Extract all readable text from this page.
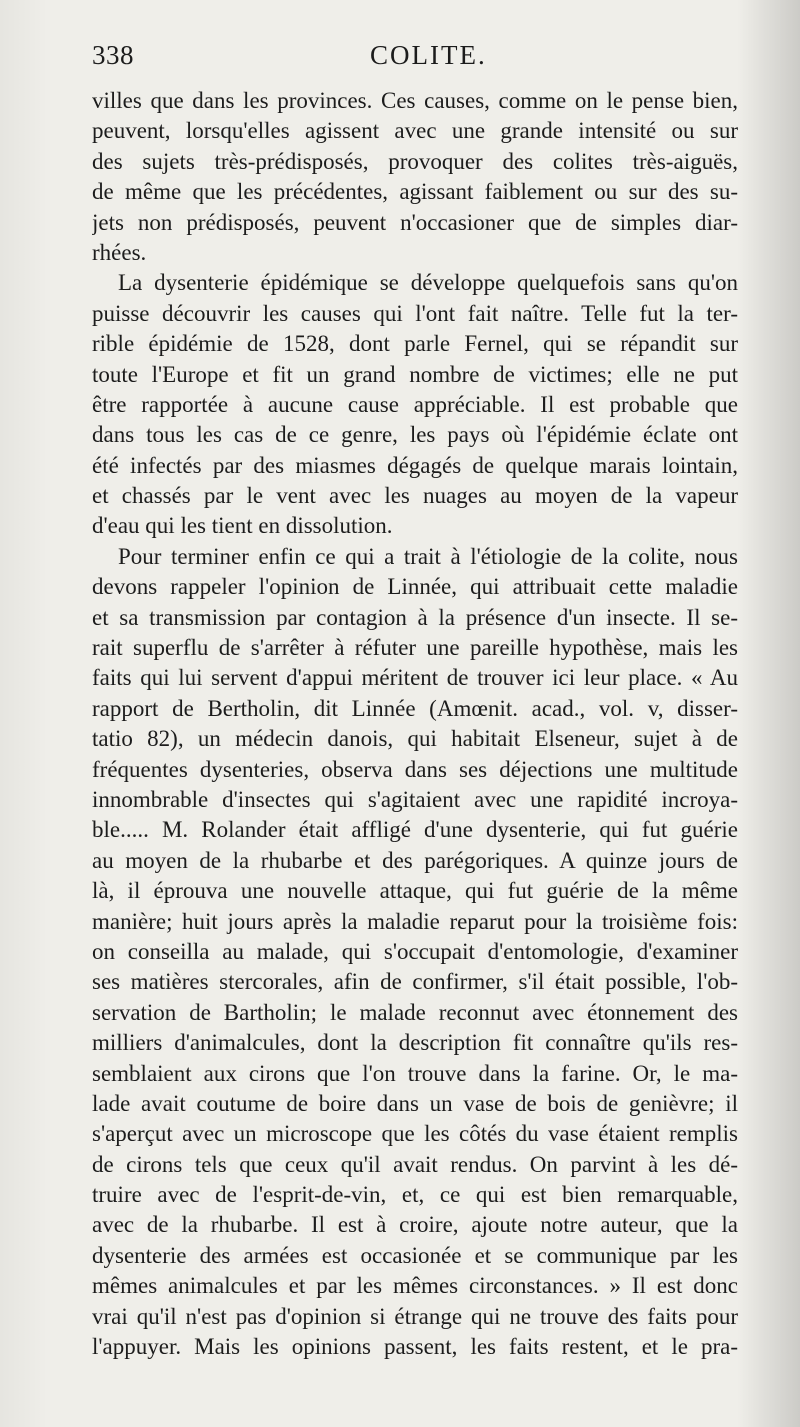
338	COLITE.
villes que dans les provinces. Ces causes, comme on le pense bien,
peuvent, lorsqu'elles agissent avec une grande intensité ou sur
des sujets très-prédisposés, provoquer des colites très-aiguës,
de même que les précédentes, agissant faiblement ou sur des su-
jets non prédisposés, peuvent n'occasioner que de simples diar-
rhées.
La dysenterie épidémique se développe quelquefois sans qu'on
puisse découvrir les causes qui l'ont fait naître. Telle fut la ter-
rible épidémie de 1528, dont parle Fernel, qui se répandit sur
toute l'Europe et fit un grand nombre de victimes; elle ne put
être rapportée à aucune cause appréciable. Il est probable que
dans tous les cas de ce genre, les pays où l'épidémie éclate ont
été infectés par des miasmes dégagés de quelque marais lointain,
et chassés par le vent avec les nuages au moyen de la vapeur
d'eau qui les tient en dissolution.
Pour terminer enfin ce qui a trait à l'étiologie de la colite, nous
devons rappeler l'opinion de Linnée, qui attribuait cette maladie
et sa transmission par contagion à la présence d'un insecte. Il se-
rait superflu de s'arrêter à réfuter une pareille hypothèse, mais les
faits qui lui servent d'appui méritent de trouver ici leur place. « Au
rapport de Bertholin, dit Linnée (Amœnit. acad., vol. v, disser-
tatio 82), un médecin danois, qui habitait Elseneur, sujet à de
fréquentes dysenteries, observa dans ses déjections une multitude
innombrable d'insectes qui s'agitaient avec une rapidité incroya-
ble..... M. Rolander était affligé d'une dysenterie, qui fut guérie
au moyen de la rhubarbe et des parégoriques. A quinze jours de
là, il éprouva une nouvelle attaque, qui fut guérie de la même
manière; huit jours après la maladie reparut pour la troisième fois:
on conseilla au malade, qui s'occupait d'entomologie, d'examiner
ses matières stercorales, afin de confirmer, s'il était possible, l'ob-
servation de Bartholin; le malade reconnut avec étonnement des
milliers d'animalcules, dont la description fit connaître qu'ils res-
semblaient aux cirons que l'on trouve dans la farine. Or, le ma-
lade avait coutume de boire dans un vase de bois de genièvre; il
s'aperçut avec un microscope que les côtés du vase étaient remplis
de cirons tels que ceux qu'il avait rendus. On parvint à les dé-
truire avec de l'esprit-de-vin, et, ce qui est bien remarquable,
avec de la rhubarbe. Il est à croire, ajoute notre auteur, que la
dysenterie des armées est occasionée et se communique par les
mêmes animalcules et par les mêmes circonstances. » Il est donc
vrai qu'il n'est pas d'opinion si étrange qui ne trouve des faits pour
l'appuyer. Mais les opinions passent, les faits restent, et le pra-
